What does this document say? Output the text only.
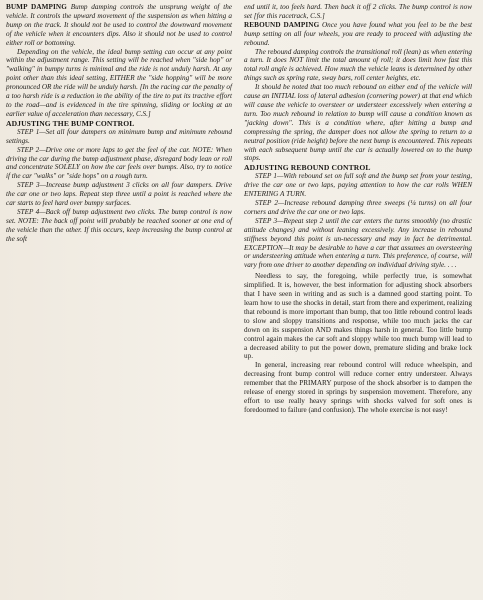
BUMP DAMPING Bump damping controls the unsprung weight of the vehicle. It controls the upward movement of the suspension as when hitting a bump on the track. It should not be used to control the downward movement of the vehicle when it encounters dips. Also it should not be used to control either roll or bottoming.

Depending on the vehicle, the ideal bump setting can occur at any point within the adjustment range. This setting will be reached when "side hop" or "walking" in bumpy turns is minimal and the ride is not unduly harsh. At any point other than this ideal setting, EITHER the "side hopping" will be more pronounced OR the ride will be unduly harsh. [In the racing car the penalty of a too harsh ride is a reduction in the ability of the tire to put its tractive effort to the road—and is evidenced in the tire spinning, sliding or locking at an earlier value of acceleration than necessary, C.S.]

ADJUSTING THE BUMP CONTROL

STEP 1—Set all four dampers on minimum bump and minimum rebound settings.

STEP 2—Drive one or more laps to get the feel of the car. NOTE: When driving the car during the bump adjustment phase, disregard body lean or roll and concentrate SOLELY on how the car feels over bumps. Also, try to notice if the car "walks" or "side hops" on a rough turn.

STEP 3—Increase bump adjustment 3 clicks on all four dampers. Drive the car one or two laps. Repeat step three until a point is reached where the car starts to feel hard over bumpy surfaces.

STEP 4—Back off bump adjustment two clicks. The bump control is now set. NOTE: The back off point will probably be reached sooner at one end of the vehicle than the other. If this occurs, keep increasing the bump control at the soft

end until it, too feels hard. Then back it off 2 clicks. The bump control is now set [for this racetrack, C.S.]

REBOUND DAMPING Once you have found what you feel to be the best bump setting on all four wheels, you are ready to proceed with adjusting the rebound.

The rebound damping controls the transitional roll (lean) as when entering a turn. It does NOT limit the total amount of roll; it does limit how fast this total roll angle is achieved. How much the vehicle leans is determined by other things such as spring rate, sway bars, roll center heights, etc.

It should be noted that too much rebound on either end of the vehicle will cause an INITIAL loss of lateral adhesion (cornering power) at that end which will cause the vehicle to oversteer or understeer excessively when entering a turn. Too much rebound in relation to bump will cause a condition known as "jacking down". This is a condition where, after hitting a bump and compressing the spring, the damper does not allow the spring to return to a neutral position (ride height) before the next bump is encountered. This repeats with each subsequent bump until the car is actually lowered on to the bump stops.

ADJUSTING REBOUND CONTROL

STEP 1—With rebound set on full soft and the bump set from your testing, drive the car one or two laps, paying attention to how the car rolls WHEN ENTERING A TURN.

STEP 2—Increase rebound damping three sweeps (¼ turns) on all four corners and drive the car one or two laps.

STEP 3—Repeat step 2 until the car enters the turns smoothly (no drastic attitude changes) and without leaning excessively. Any increase in rebound stiffness beyond this point is un-necessary and may in fact be detrimental. EXCEPTION—It may be desirable to have a car that assumes an oversteering or understeering attitude when entering a turn. This preference, of course, will vary from one driver to another depending on individual driving style. . . .

Needless to say, the foregoing, while perfectly true, is somewhat simplified. It is, however, the best information for adjusting shock absorbers that I have seen in writing and as such is a damned good starting point. To learn how to use the shocks in detail, start from there and experiment, realizing that rebound is more important than bump, that too little rebound control leads to slow and sloppy transitions and response, while too much jacks the car down on its suspension AND makes things harsh in general. Too little bump control again makes the car soft and sloppy while too much bump will lead to a decreased ability to put the power down, premature sliding and brake lock up.

In general, increasing rear rebound control will reduce wheelspin, and decreasing front bump control will reduce corner entry understeer. Always remember that the PRIMARY purpose of the shock absorber is to dampen the release of energy stored in springs by suspension movement. Therefore, any effort to use really heavy springs with shocks valved for soft ones is foredoomed to failure (and confusion). The whole exercise is not easy!
